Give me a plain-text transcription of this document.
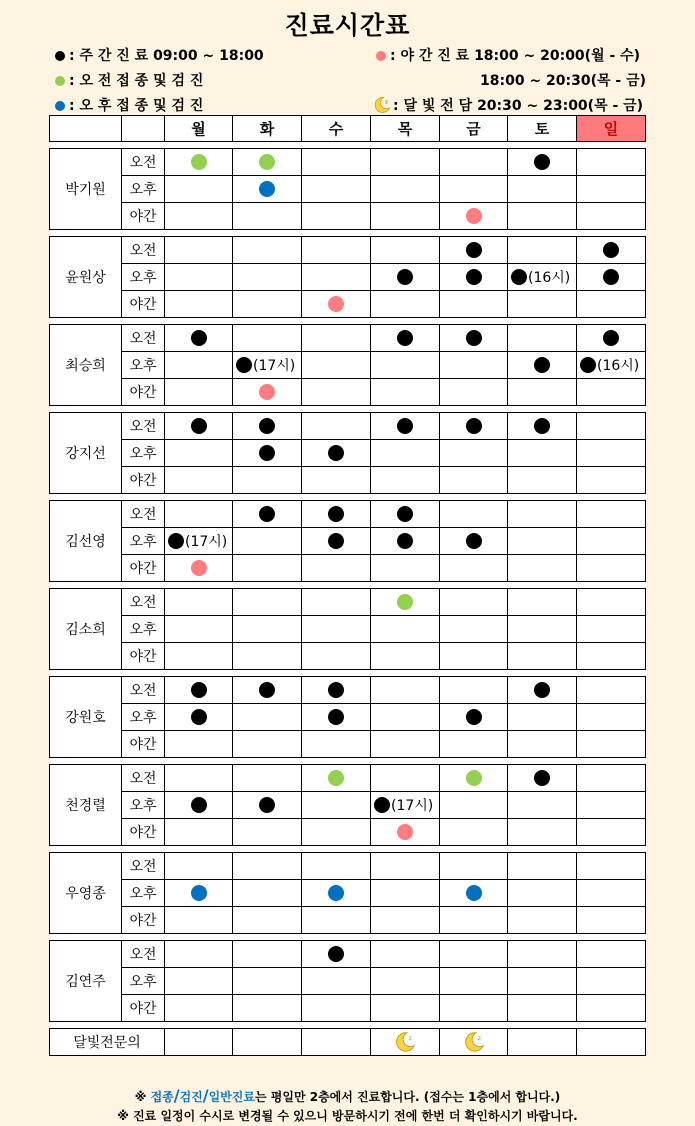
진료시간표
: 주 간 진 료 09:00 ~ 18:00
: 오 전 접 종 및 검 진
: 오 후 접 종 및 검 진
: 야 간 진 료 18:00 ~ 20:00(월 - 수)
18:00 ~ 20:30(목 - 금)
z : 달 빛 전 담 20:30 ~ 23:00(목 - 금)
		월	화	수	목	금	토	일

박기원	오전							
	오후							
	야간							

윤원상	오전							
	오후						(16시)	
	야간							

최승희	오전							
	오후		(17시)					(16시)
	야간							

강지선	오전							
	오후							
	야간							

김선영	오전							
	오후	(17시)						
	야간							

김소희	오전							
	오후							
	야간							

강원호	오전							
	오후							
	야간							

천경렬	오전							
	오후				(17시)			
	야간							

우영종	오전							
	오후							
	야간							

김연주	오전							
	오후							
	야간							

달빛전문의					z	z		

※ 접종/검진/일반진료는 평일만 2층에서 진료합니다. (접수는 1층에서 합니다.)
※ 진료 일정이 수시로 변경될 수 있으니 방문하시기 전에 한번 더 확인하시기 바랍니다.
